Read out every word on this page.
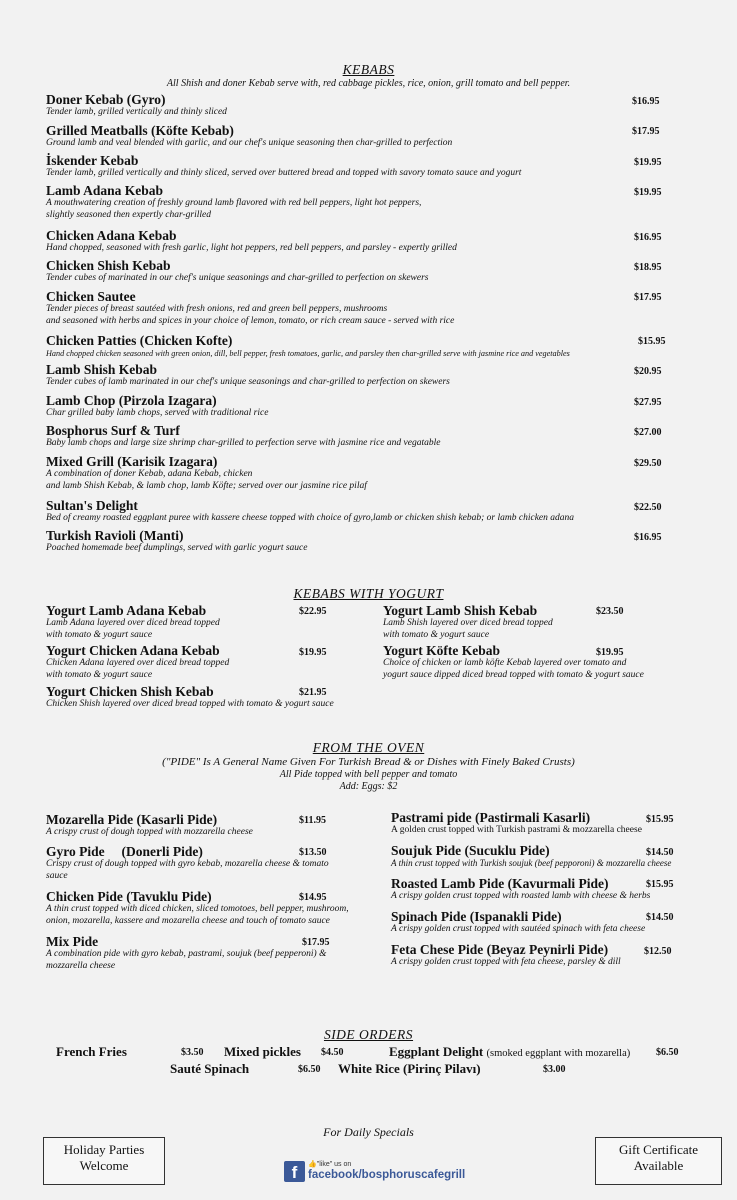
KEBABS
All Shish and doner Kebab serve with, red cabbage pickles, rice, onion, grill tomato and bell pepper.
Doner Kebab (Gyro)
Tender lamb, grilled vertically and thinly sliced
$16.95
Grilled Meatballs (Köfte Kebab)
Ground lamb and veal blended with garlic, and our chef's unique seasoning then char-grilled to perfection
$17.95
İskender Kebab
Tender lamb, grilled vertically and thinly sliced, served over buttered bread and topped with savory tomato sauce and yogurt
$19.95
Lamb Adana Kebab
A mouthwatering creation of freshly ground lamb flavored with red bell peppers, light hot peppers,
slightly seasoned then expertly char-grilled
$19.95
Chicken Adana Kebab
Hand chopped, seasoned with fresh garlic, light hot peppers, red bell peppers, and parsley - expertly grilled
$16.95
Chicken Shish Kebab
Tender cubes of marinated in our chef's unique seasonings and char-grilled to perfection on skewers
$18.95
Chicken Sautee
Tender pieces of breast sautéed with fresh onions, red and green bell peppers, mushrooms
and seasoned with herbs and spices in your choice of lemon, tomato, or rich cream sauce - served with rice
$17.95
Chicken Patties (Chicken Kofte)
Hand chopped chicken seasoned with green onion, dill, bell pepper, fresh tomatoes, garlic, and parsley then char-grilled serve with jasmine rice and vegetables
$15.95
Lamb Shish Kebab
Tender cubes of lamb marinated in our chef's unique seasonings and char-grilled to perfection on skewers
$20.95
Lamb Chop (Pirzola Izagara)
Char grilled baby lamb chops, served with traditional rice
$27.95
Bosphorus Surf & Turf
Baby lamb chops and large size shrimp char-grilled to perfection serve with jasmine rice and vegatable
$27.00
Mixed Grill (Karisik Izagara)
A combination of doner Kebab, adana Kebab, chicken
and lamb Shish Kebab, & lamb chop, lamb Köfte; served over our jasmine rice pilaf
$29.50
Sultan's Delight
Bed of creamy roasted eggplant puree with kassere cheese topped with choice of gyro,lamb or chicken shish kebab; or lamb chicken adana
$22.50
Turkish Ravioli (Manti)
Poached homemade beef dumplings, served with garlic yogurt sauce
$16.95
KEBABS WITH YOGURT
Yogurt Lamb Adana Kebab
Lamb Adana layered over diced bread topped
with tomato & yogurt sauce
$22.95
Yogurt Chicken Adana Kebab
Chicken Adana layered over diced bread topped
with tomato & yogurt sauce
$19.95
Yogurt Chicken Shish Kebab
Chicken Shish layered over diced bread topped with tomato & yogurt sauce
$21.95
Yogurt Lamb Shish Kebab
Lamb Shish layered over diced bread topped
with tomato & yogurt sauce
$23.50
Yogurt Köfte Kebab
Choice of chicken or lamb köfte Kebab layered over tomato and
yogurt sauce dipped diced bread topped with tomato & yogurt sauce
$19.95
FROM THE OVEN
("PIDE" Is A General Name Given For Turkish Bread & or Dishes with Finely Baked Crusts)
All Pide topped with bell pepper and tomato
Add: Eggs: $2
Mozarella Pide (Kasarli Pide)
A crispy crust of dough topped with mozzarella cheese
$11.95
Gyro Pide     (Donerli Pide)
Crispy crust of dough topped with gyro kebab, mozarella cheese & tomato
sauce
$13.50
Chicken Pide (Tavuklu Pide)
A thin crust topped with diced chicken, sliced tomotoes, bell pepper, mushroom,
onion, mozarella, kassere and mozarella cheese and touch of tomato sauce
$14.95
Mix Pide
A combination pide with gyro kebab, pastrami, soujuk (beef pepperoni) &
mozzarella cheese
$17.95
Pastrami pide (Pastirmali Kasarli)
A golden crust topped with Turkish pastrami & mozzarella cheese
$15.95
Soujuk Pide (Sucuklu Pide)
A thin crust topped with Turkish soujuk (beef pepporoni) & mozzarella cheese
$14.50
Roasted Lamb Pide (Kavurmali Pide)
A crispy golden crust topped with roasted lamb with cheese & herbs
$15.95
Spinach Pide (Ispanakli Pide)
A crispy golden crust topped with sautéed spinach with feta cheese
$14.50
Feta Chese Pide (Beyaz Peynirli Pide)
A crispy golden crust topped with feta cheese, parsley & dill
$12.50
SIDE ORDERS
French Fries	$3.50 Mixed pickles $4.50	Eggplant Delight (smoked eggplant with mozarella)	$6.50
Sauté Spinach	$6.50 White Rice (Pirinç Pilavı)	$3.00
For Daily Specials
Holiday Parties
Welcome
Gift Certificate
Available
f	👍"like" us on
facebook/bosphoruscafegrill
